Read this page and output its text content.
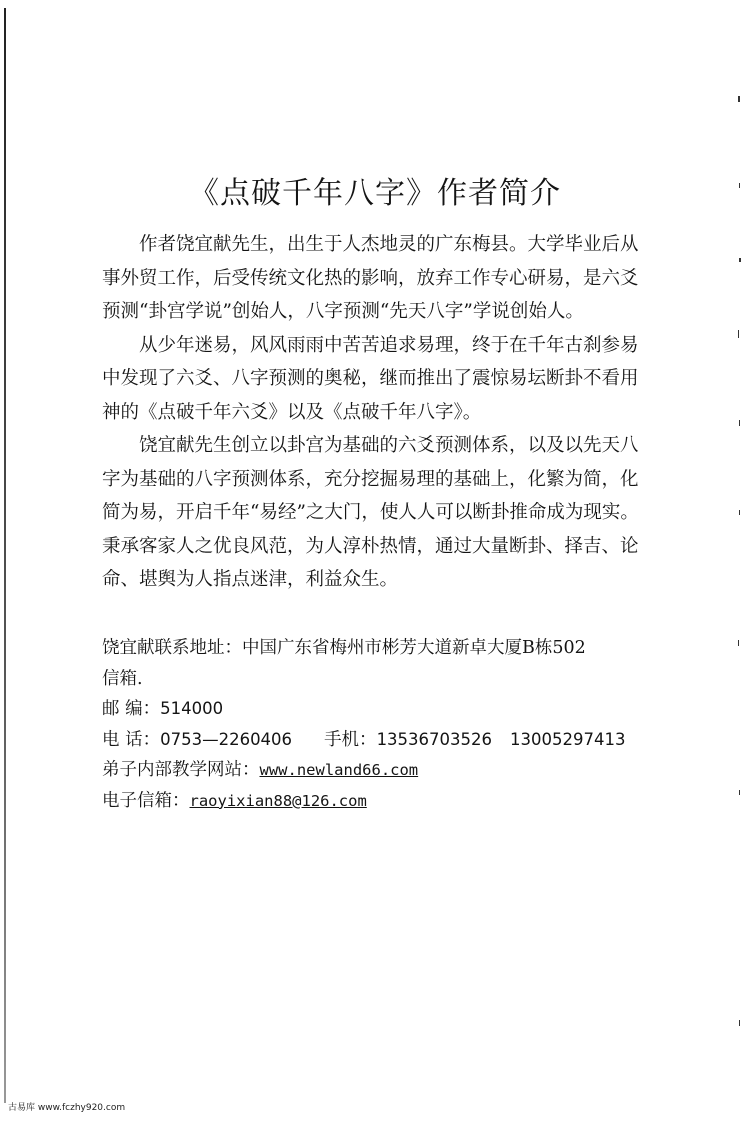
《点破千年八字》作者简介

作者饶宜献先生，出生于人杰地灵的广东梅县。大学毕业后从事外贸工作，后受传统文化热的影响，放弃工作专心研易，是六爻预测“卦宫学说”创始人，八字预测“先天八字”学说创始人。

从少年迷易，风风雨雨中苦苦追求易理，终于在千年古刹参易中发现了六爻、八字预测的奥秘，继而推出了震惊易坛断卦不看用神的《点破千年六爻》以及《点破千年八字》。

饶宜献先生创立以卦宫为基础的六爻预测体系，以及以先天八字为基础的八字预测体系，充分挖掘易理的基础上，化繁为简，化简为易，开启千年“易经”之大门，使人人可以断卦推命成为现实。秉承客家人之优良风范，为人淳朴热情，通过大量断卦、择吉、论命、堪舆为人指点迷津，利益众生。

饶宜献联系地址：中国广东省梅州市彬芳大道新卓大厦B栋502
信箱.
邮 编：514000
电 话：0753—2260406 手机：13536703526 13005297413
弟子内部教学网站：www.newland66.com
电子信箱：raoyixian88@126.com
古易库 www.fczhy920.com
